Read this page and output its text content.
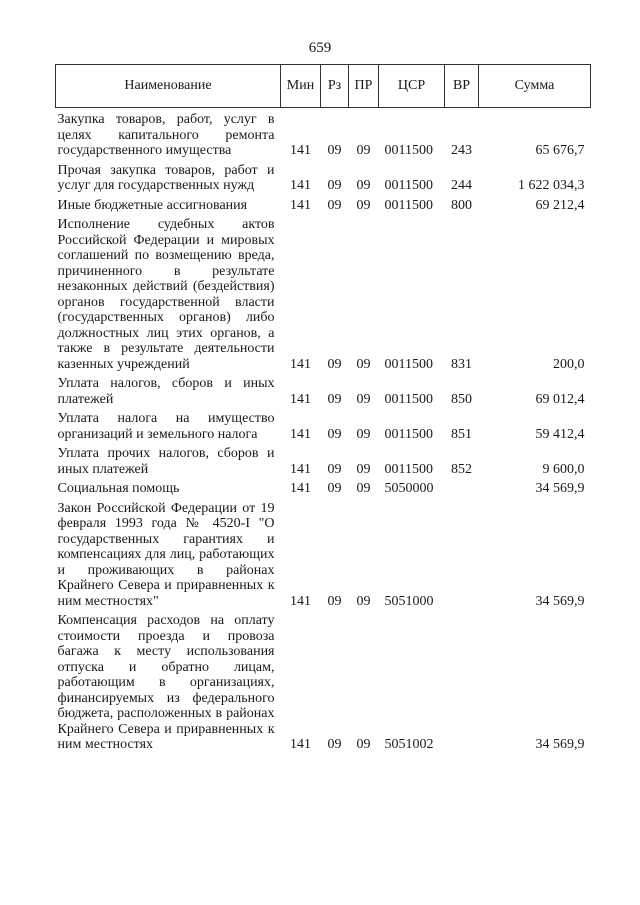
659
Наименование	Мин	Рз	ПР	ЦСР	ВР	Сумма
Закупка товаров, работ, услуг в целях капитального ремонта государственного имущества	141	09	09	0011500	243	65 676,7
Прочая закупка товаров, работ и услуг для государственных нужд	141	09	09	0011500	244	1 622 034,3
Иные бюджетные ассигнования	141	09	09	0011500	800	69 212,4
Исполнение судебных актов Российской Федерации и мировых соглашений по возмещению вреда, причиненного в результате незаконных действий (бездействия) органов государственной власти (государственных органов) либо должностных лиц этих органов, а также в результате деятельности казенных учреждений	141	09	09	0011500	831	200,0
Уплата налогов, сборов и иных платежей	141	09	09	0011500	850	69 012,4
Уплата налога на имущество организаций и земельного налога	141	09	09	0011500	851	59 412,4
Уплата прочих налогов, сборов и иных платежей	141	09	09	0011500	852	9 600,0
Социальная помощь	141	09	09	5050000		34 569,9
Закон Российской Федерации от 19 февраля 1993 года № 4520-I "О государственных гарантиях и компенсациях для лиц, работающих и проживающих в районах Крайнего Севера и приравненных к ним местностях"	141	09	09	5051000		34 569,9
Компенсация расходов на оплату стоимости проезда и провоза багажа к месту использования отпуска и обратно лицам, работающим в организациях, финансируемых из федерального бюджета, расположенных в районах Крайнего Севера и приравненных к ним местностях	141	09	09	5051002		34 569,9
